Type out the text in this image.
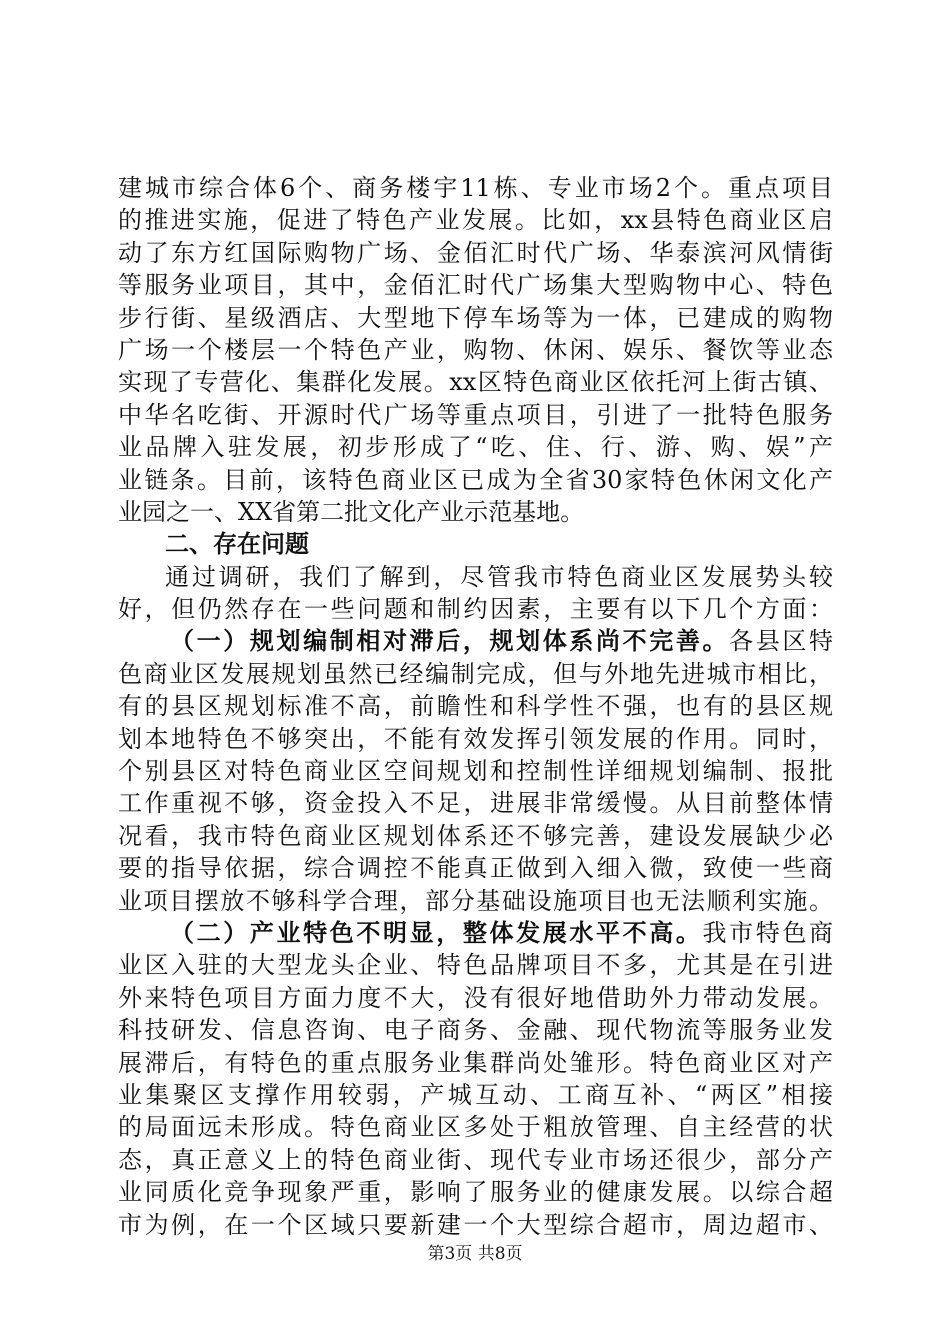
建城市综合体6个、商务楼宇11栋、专业市场2个。重点项目
的推进实施，促进了特色产业发展。比如，xx县特色商业区启
动了东方红国际购物广场、金佰汇时代广场、华泰滨河风情街
等服务业项目，其中，金佰汇时代广场集大型购物中心、特色
步行街、星级酒店、大型地下停车场等为一体，已建成的购物
广场一个楼层一个特色产业，购物、休闲、娱乐、餐饮等业态
实现了专营化、集群化发展。xx区特色商业区依托河上街古镇、
中华名吃街、开源时代广场等重点项目，引进了一批特色服务
业品牌入驻发展，初步形成了“吃、住、行、游、购、娱”产
业链条。目前，该特色商业区已成为全省30家特色休闲文化产
业园之一、XX省第二批文化产业示范基地。
二、存在问题
通过调研，我们了解到，尽管我市特色商业区发展势头较
好，但仍然存在一些问题和制约因素，主要有以下几个方面：
（一）规划编制相对滞后，规划体系尚不完善。各县区特
色商业区发展规划虽然已经编制完成，但与外地先进城市相比，
有的县区规划标准不高，前瞻性和科学性不强，也有的县区规
划本地特色不够突出，不能有效发挥引领发展的作用。同时，
个别县区对特色商业区空间规划和控制性详细规划编制、报批
工作重视不够，资金投入不足，进展非常缓慢。从目前整体情
况看，我市特色商业区规划体系还不够完善，建设发展缺少必
要的指导依据，综合调控不能真正做到入细入微，致使一些商
业项目摆放不够科学合理，部分基础设施项目也无法顺利实施。
（二）产业特色不明显，整体发展水平不高。我市特色商
业区入驻的大型龙头企业、特色品牌项目不多，尤其是在引进
外来特色项目方面力度不大，没有很好地借助外力带动发展。
科技研发、信息咨询、电子商务、金融、现代物流等服务业发
展滞后，有特色的重点服务业集群尚处雏形。特色商业区对产
业集聚区支撑作用较弱，产城互动、工商互补、“两区”相接
的局面远未形成。特色商业区多处于粗放管理、自主经营的状
态，真正意义上的特色商业街、现代专业市场还很少，部分产
业同质化竞争现象严重，影响了服务业的健康发展。以综合超
市为例，在一个区域只要新建一个大型综合超市，周边超市、
第3页 共8页
